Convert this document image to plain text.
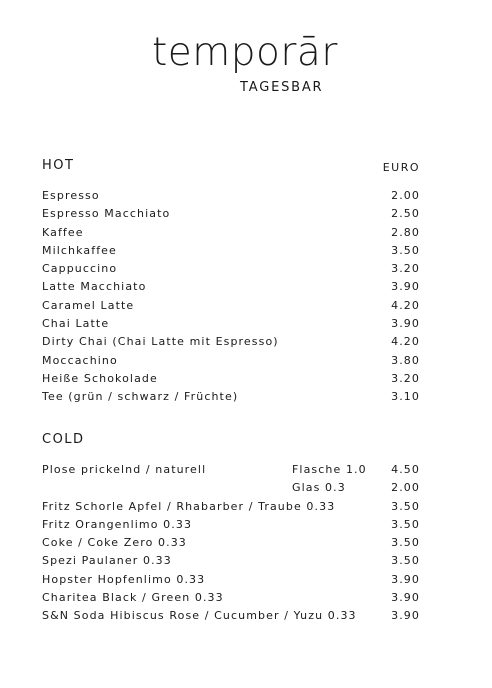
temporār
TAGESBAR
HOT	EURO
Espresso	2.00
Espresso Macchiato	2.50
Kaffee	2.80
Milchkaffee	3.50
Cappuccino	3.20
Latte Macchiato	3.90
Caramel Latte	4.20
Chai Latte	3.90
Dirty Chai (Chai Latte mit Espresso)	4.20
Moccachino	3.80
Heiße Schokolade	3.20
Tee (grün / schwarz / Früchte)	3.10
COLD
Plose prickelnd / naturell	Flasche 1.0 4.50
Glas 0.3	2.00
Fritz Schorle Apfel / Rhabarber / Traube 0.33	3.50
Fritz Orangenlimo 0.33	3.50
Coke / Coke Zero 0.33	3.50
Spezi Paulaner 0.33	3.50
Hopster Hopfenlimo 0.33	3.90
Charitea Black / Green 0.33	3.90
S&N Soda Hibiscus Rose / Cucumber / Yuzu 0.33	3.90
